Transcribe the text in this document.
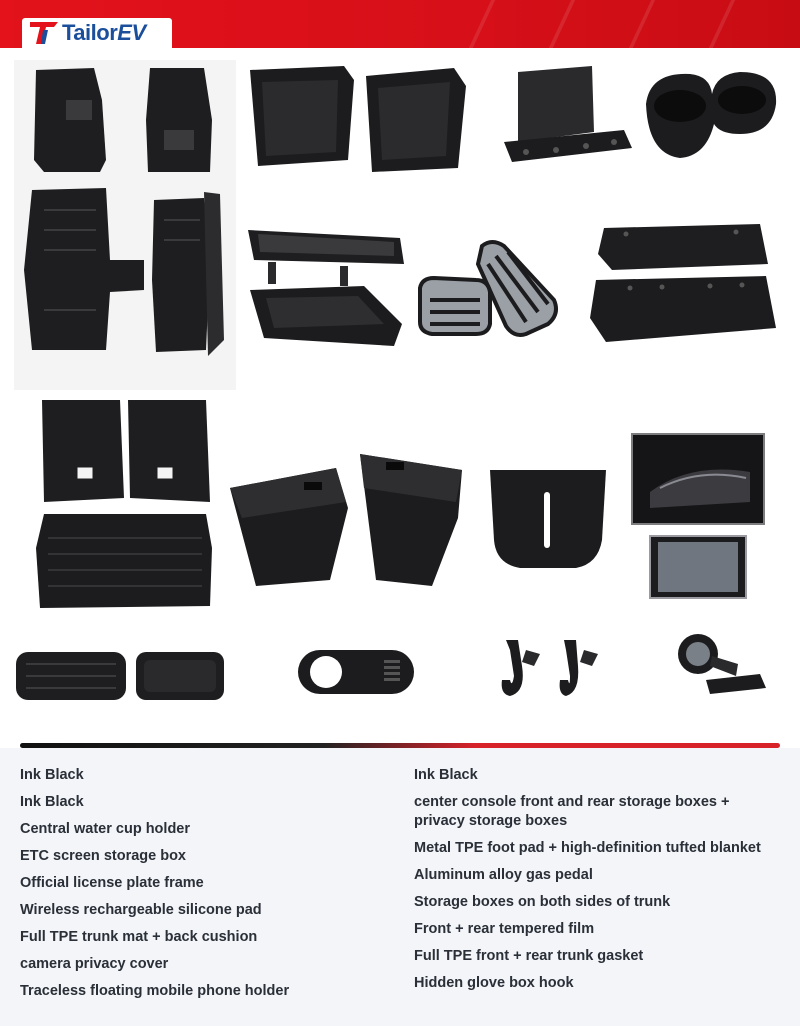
TailorEV
Ink Black
Ink Black
Central water cup holder
ETC screen storage box
Official license plate frame
Wireless rechargeable silicone pad
Full TPE trunk mat + back cushion
camera privacy cover
Traceless floating mobile phone holder
Ink Black
center console front and rear storage boxes + privacy storage boxes
Metal TPE foot pad + high-definition tufted blanket
Aluminum alloy gas pedal
Storage boxes on both sides of trunk
Front + rear tempered film
Full TPE front + rear trunk gasket
Hidden glove box hook
